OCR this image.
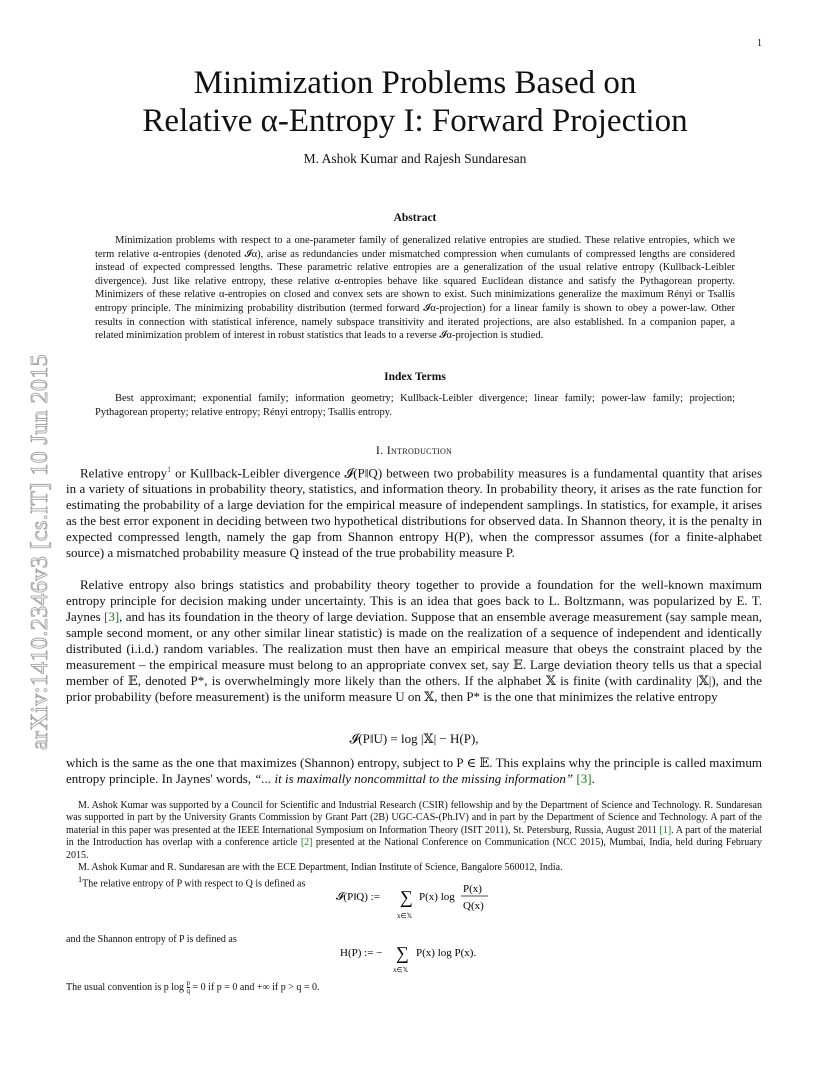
1
arXiv:1410.2346v3 [cs.IT] 10 Jun 2015
Minimization Problems Based on
Relative α-Entropy I: Forward Projection
M. Ashok Kumar and Rajesh Sundaresan
Abstract
Minimization problems with respect to a one-parameter family of generalized relative entropies are studied. These relative entropies, which we term relative α-entropies (denoted 𝓘α), arise as redundancies under mismatched compression when cumulants of compressed lengths are considered instead of expected compressed lengths. These parametric relative entropies are a generalization of the usual relative entropy (Kullback-Leibler divergence). Just like relative entropy, these relative α-entropies behave like squared Euclidean distance and satisfy the Pythagorean property. Minimizers of these relative α-entropies on closed and convex sets are shown to exist. Such minimizations generalize the maximum Rényi or Tsallis entropy principle. The minimizing probability distribution (termed forward 𝓘α-projection) for a linear family is shown to obey a power-law. Other results in connection with statistical inference, namely subspace transitivity and iterated projections, are also established. In a companion paper, a related minimization problem of interest in robust statistics that leads to a reverse 𝓘α-projection is studied.
Index Terms
Best approximant; exponential family; information geometry; Kullback-Leibler divergence; linear family; power-law family; projection; Pythagorean property; relative entropy; Rényi entropy; Tsallis entropy.
I. Introduction

Relative entropy$^1$ or Kullback-Leibler divergence 𝓘(P‖Q) between two probability measures is a fundamental quantity that arises in a variety of situations in probability theory, statistics, and information theory. In probability theory, it arises as the rate function for estimating the probability of a large deviation for the empirical measure of independent samplings. In statistics, for example, it arises as the best error exponent in deciding between two hypothetical distributions for observed data. In Shannon theory, it is the penalty in expected compressed length, namely the gap from Shannon entropy H(P), when the compressor assumes (for a finite-alphabet source) a mismatched probability measure Q instead of the true probability measure P.

Relative entropy also brings statistics and probability theory together to provide a foundation for the well-known maximum entropy principle for decision making under uncertainty. This is an idea that goes back to L. Boltzmann, was popularized by E. T. Jaynes [3], and has its foundation in the theory of large deviation. Suppose that an ensemble average measurement (say sample mean, sample second moment, or any other similar linear statistic) is made on the realization of a sequence of independent and identically distributed (i.i.d.) random variables. The realization must then have an empirical measure that obeys the constraint placed by the measurement – the empirical measure must belong to an appropriate convex set, say 𝔼. Large deviation theory tells us that a special member of 𝔼, denoted P*, is overwhelmingly more likely than the others. If the alphabet 𝕏 is finite (with cardinality |𝕏|), and the prior probability (before measurement) is the uniform measure U on 𝕏, then P* is the one that minimizes the relative entropy

𝓘(P‖U) = log |𝕏| − H(P),

which is the same as the one that maximizes (Shannon) entropy, subject to P ∈ 𝔼. This explains why the principle is called maximum entropy principle. In Jaynes' words, “... it is maximally noncommittal to the missing information” [3].

M. Ashok Kumar was supported by a Council for Scientific and Industrial Research (CSIR) fellowship and by the Department of Science and Technology. R. Sundaresan was supported in part by the University Grants Commission by Grant Part (2B) UGC-CAS-(Ph.IV) and in part by the Department of Science and Technology. A part of the material in this paper was presented at the IEEE International Symposium on Information Theory (ISIT 2011), St. Petersburg, Russia, August 2011 [1]. A part of the material in the Introduction has overlap with a conference article [2] presented at the National Conference on Communication (NCC 2015), Mumbai, India, held during February 2015.

M. Ashok Kumar and R. Sundaresan are with the ECE Department, Indian Institute of Science, Bangalore 560012, India.

$^1$The relative entropy of P with respect to Q is defined as

𝓘(P‖Q) := ∑
x∈𝕏
P(x) log
P(x)
Q(x)
and the Shannon entropy of P is defined as
H(P) := − ∑
x∈𝕏
P(x) log P(x).
The usual convention is p $\log \frac{p}{q} = 0$ if p = 0 and +∞ if p > q = 0.
